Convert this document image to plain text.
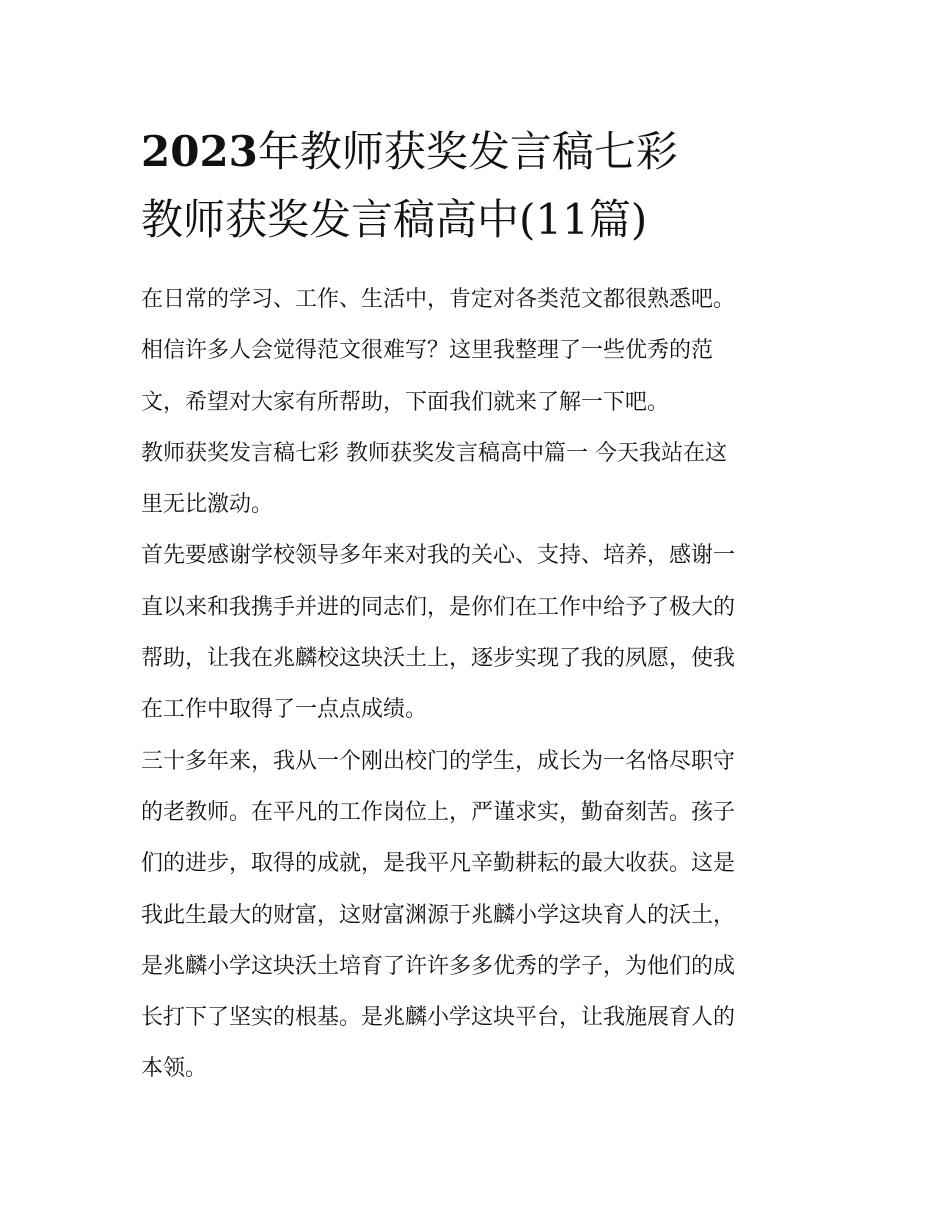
2023年教师获奖发言稿七彩
教师获奖发言稿高中(11篇)

在日常的学习、工作、生活中，肯定对各类范文都很熟悉吧。
相信许多人会觉得范文很难写？这里我整理了一些优秀的范
文，希望对大家有所帮助，下面我们就来了解一下吧。

教师获奖发言稿七彩 教师获奖发言稿高中篇一 今天我站在这
里无比激动。

首先要感谢学校领导多年来对我的关心、支持、培养，感谢一
直以来和我携手并进的同志们，是你们在工作中给予了极大的
帮助，让我在兆麟校这块沃土上，逐步实现了我的夙愿，使我
在工作中取得了一点点成绩。

三十多年来，我从一个刚出校门的学生，成长为一名恪尽职守
的老教师。在平凡的工作岗位上，严谨求实，勤奋刻苦。孩子
们的进步，取得的成就，是我平凡辛勤耕耘的最大收获。这是
我此生最大的财富，这财富渊源于兆麟小学这块育人的沃土，
是兆麟小学这块沃土培育了许许多多优秀的学子，为他们的成
长打下了坚实的根基。是兆麟小学这块平台，让我施展育人的
本领。
